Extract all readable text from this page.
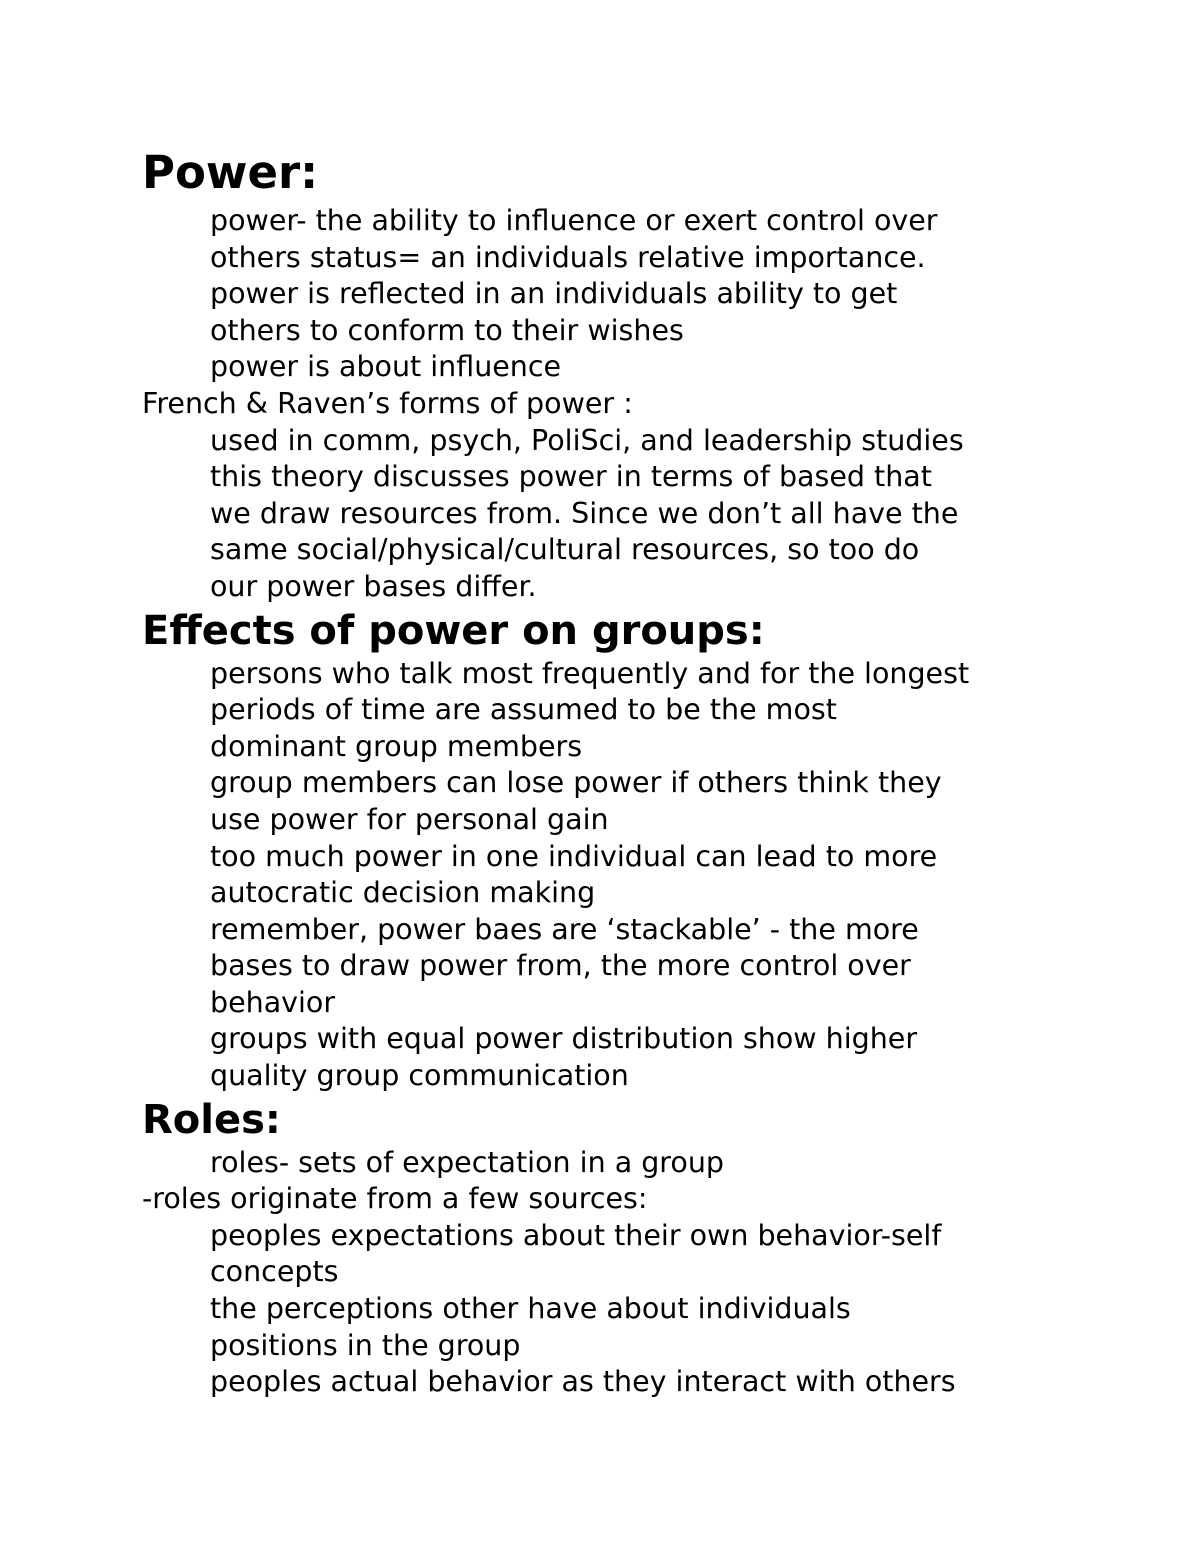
Power:

power- the ability to influence or exert control over

others status= an individuals relative importance.

power is reflected in an individuals ability to get

others to conform to their wishes

power is about influence

French & Raven’s forms of power :

used in comm, psych, PoliSci, and leadership studies

this theory discusses power in terms of based that

we draw resources from. Since we don’t all have the

same social/physical/cultural resources, so too do

our power bases differ.

Effects of power on groups:

persons who talk most frequently and for the longest

periods of time are assumed to be the most

dominant group members

group members can lose power if others think they

use power for personal gain

too much power in one individual can lead to more

autocratic decision making

remember, power baes are ‘stackable’ - the more

bases to draw power from, the more control over

behavior

groups with equal power distribution show higher

quality group communication

Roles:

roles- sets of expectation in a group

-roles originate from a few sources:

peoples expectations about their own behavior-self

concepts

the perceptions other have about individuals

positions in the group

peoples actual behavior as they interact with others
